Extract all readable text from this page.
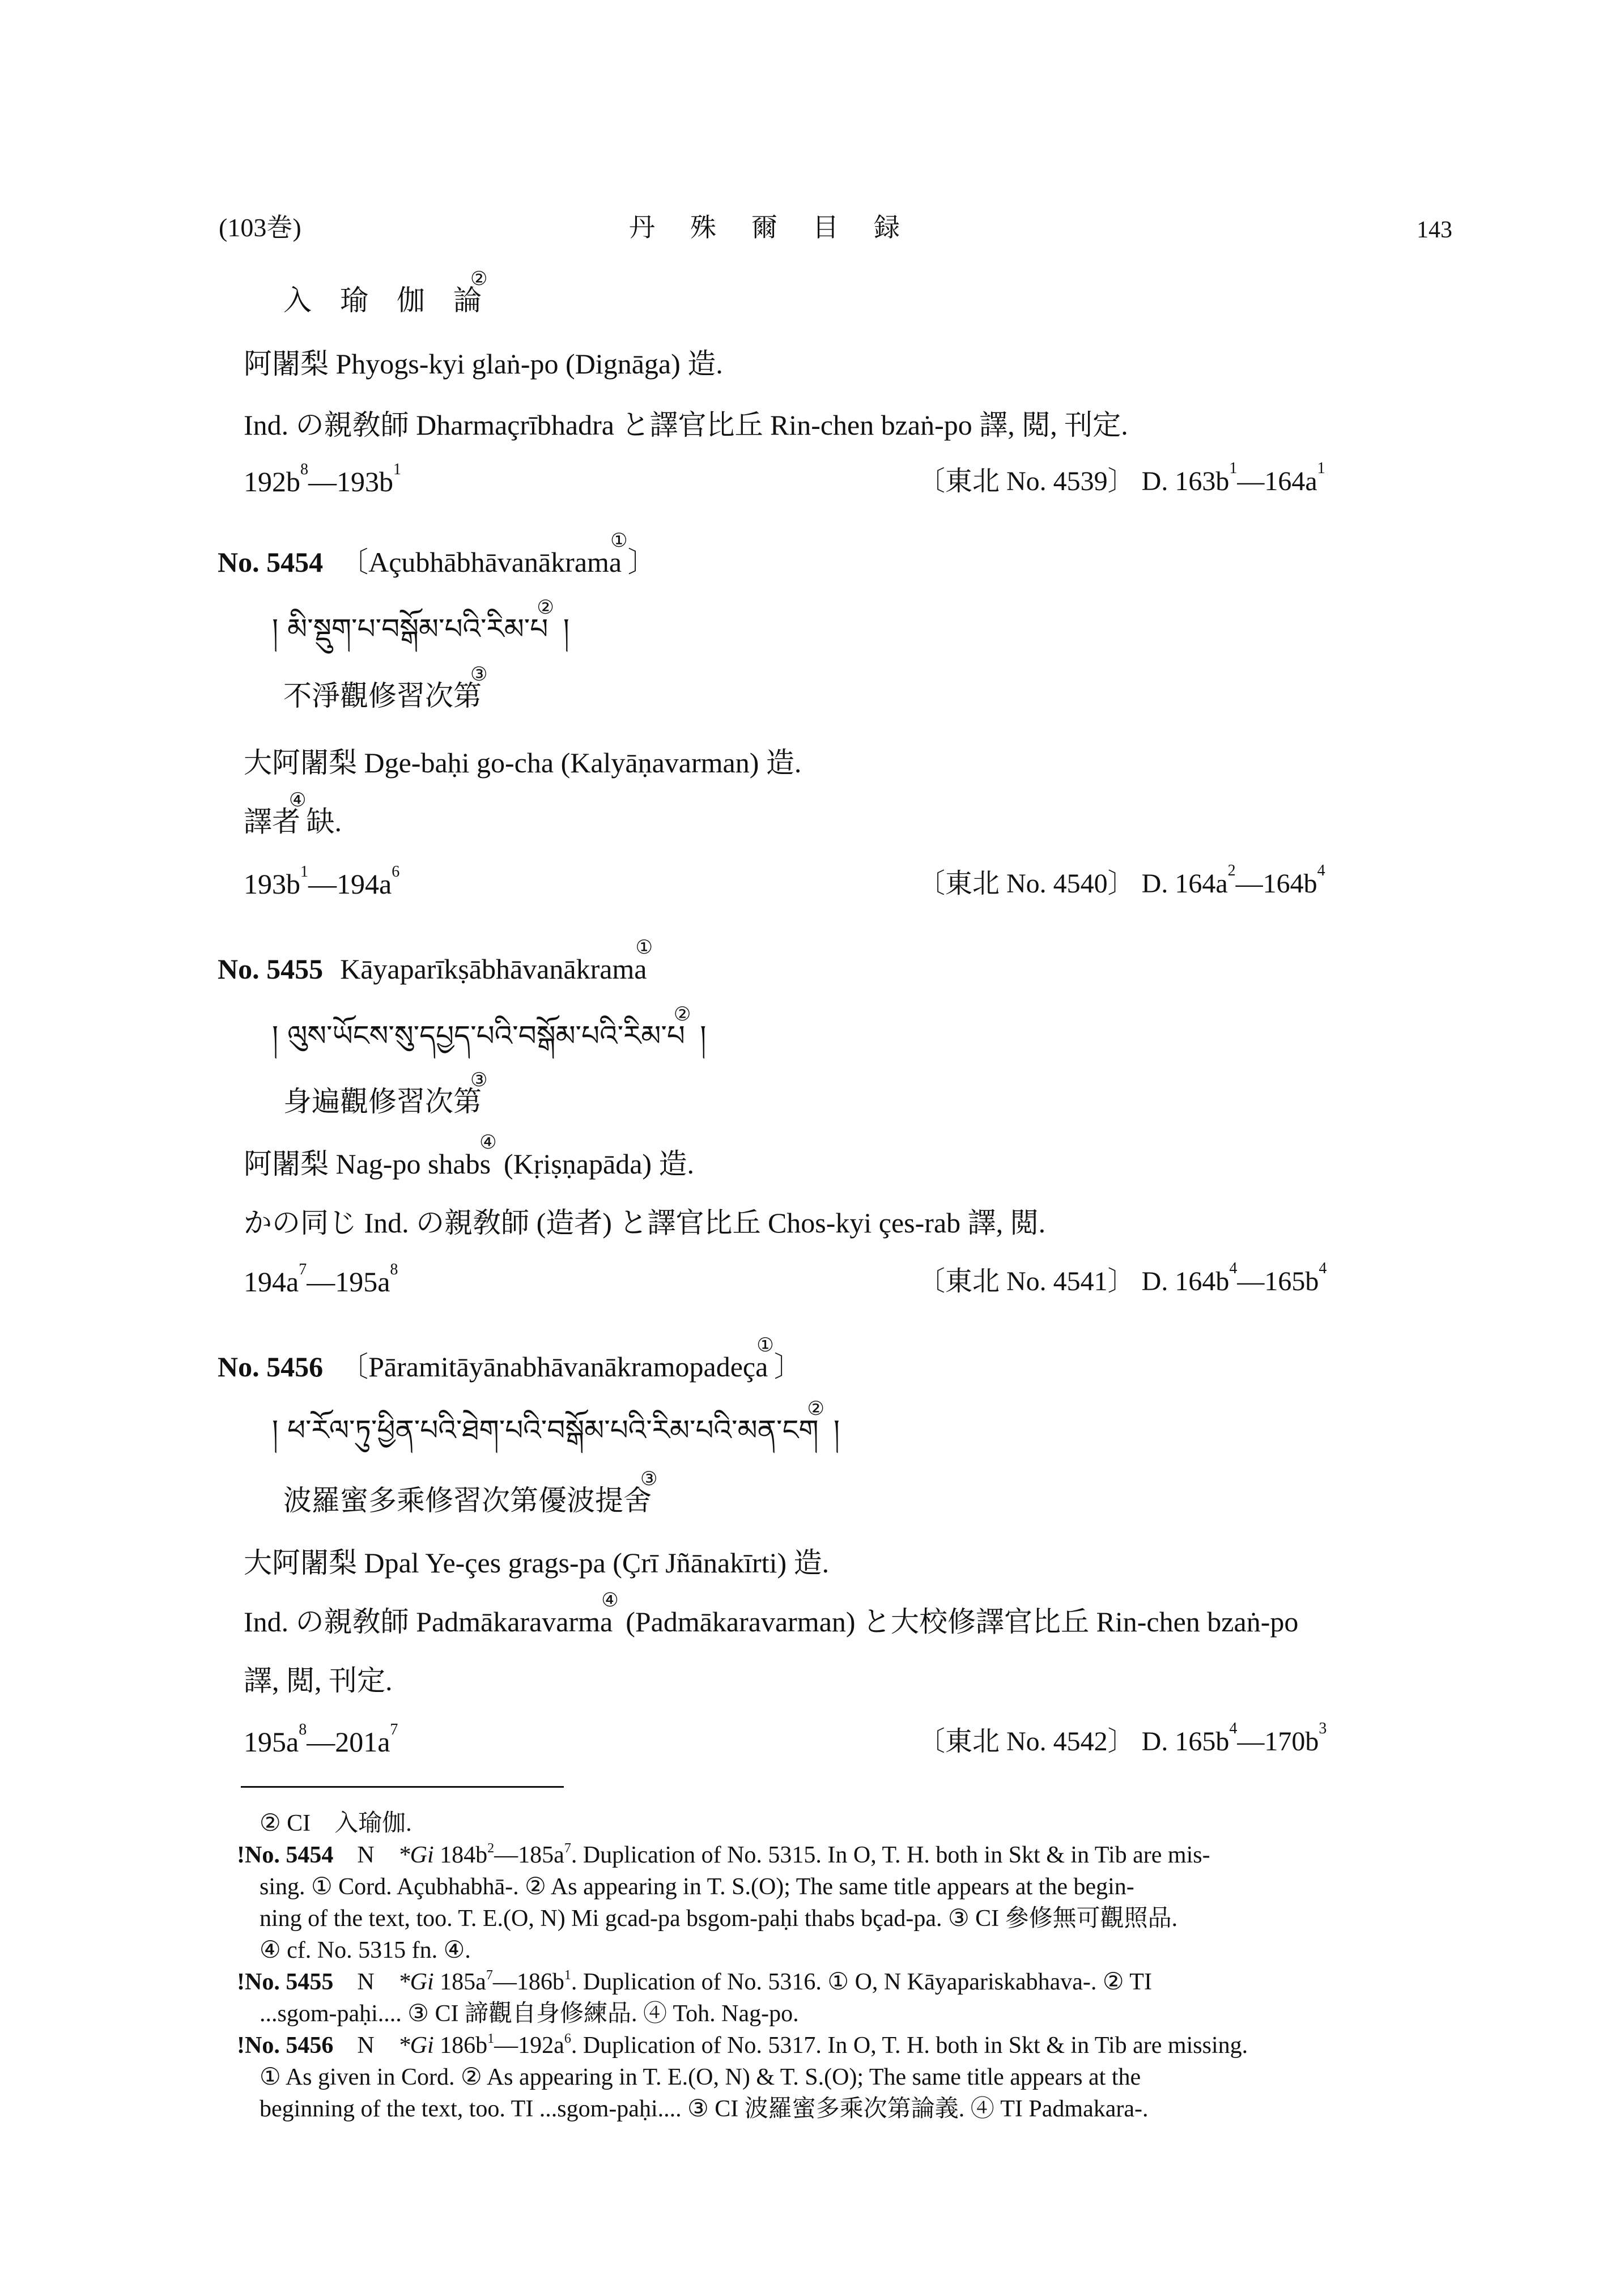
(103巻)	丹　殊　爾　目　録	143
入　瑜　伽　論②
阿闍梨 Phyogs-kyi glaṅ-po (Dignāga) 造.
Ind. の親敎師 Dharmaçrībhadra と譯官比丘 Rin-chen bzaṅ-po 譯, 閲, 刊定.
$192b^8—193b^1$	〔東北 No. 4539〕 D. $163b^1—164a^1$
No. 5454 〔Açubhābhāvanākrama①〕
། མི་སྡུག་པ་བསྒོམ་པའི་རིམ་པ② །
不淨觀修習次第③
大阿闍梨 Dge-baḥi go-cha (Kalyāṇavarman) 造.
譯者④缺.
$193b^1—194a^6$	〔東北 No. 4540〕 D. $164a^2—164b^4$
No. 5455 Kāyaparīkṣābhāvanākrama①
། ལུས་ཡོངས་སུ་དཔྱད་པའི་བསྒོམ་པའི་རིམ་པ② །
身遍觀修習次第③
阿闍梨 Nag-po shabs④ (Kṛiṣṇapāda) 造.
かの同じ Ind. の親敎師 (造者) と譯官比丘 Chos-kyi çes-rab 譯, 閲.
$194a^7—195a^8$	〔東北 No. 4541〕 D. $164b^4—165b^4$
No. 5456 〔Pāramitāyānabhāvanākramopadeça①〕
། ཕ་རོལ་ཏུ་ཕྱིན་པའི་ཐེག་པའི་བསྒོམ་པའི་རིམ་པའི་མན་ངག② །
波羅蜜多乘修習次第優波提舍③
大阿闍梨 Dpal Ye-çes grags-pa (Çrī Jñānakīrti) 造.
Ind. の親敎師 Padmākaravarma④ (Padmākaravarman) と大校修譯官比丘 Rin-chen bzaṅ-po
譯, 閲, 刊定.
$195a^8—201a^7$	〔東北 No. 4542〕 D. $165b^4—170b^3$
② CI　入瑜伽.
!No. 5454　N　*Gi $184b^2—185a^7$. Duplication of No. 5315. In O, T. H. both in Skt & in Tib are mis-
sing. ① Cord. Açubhabhā-. ② As appearing in T. S.(O); The same title appears at the begin-
ning of the text, too. T. E.(O, N) Mi gcad-pa bsgom-paḥi thabs bçad-pa. ③ CI 參修無可觀照品.
④ cf. No. 5315 fn. ④.
!No. 5455　N　*Gi $185a^7—186b^1$. Duplication of No. 5316. ① O, N Kāyapariskabhava-. ② TI
...sgom-paḥi.... ③ CI 諦觀自身修練品. ④ Toh. Nag-po.
!No. 5456　N　*Gi $186b^1—192a^6$. Duplication of No. 5317. In O, T. H. both in Skt & in Tib are missing.
① As given in Cord. ② As appearing in T. E.(O, N) & T. S.(O); The same title appears at the
beginning of the text, too. TI ...sgom-paḥi.... ③ CI 波羅蜜多乘次第論義. ④ TI Padmakara-.
